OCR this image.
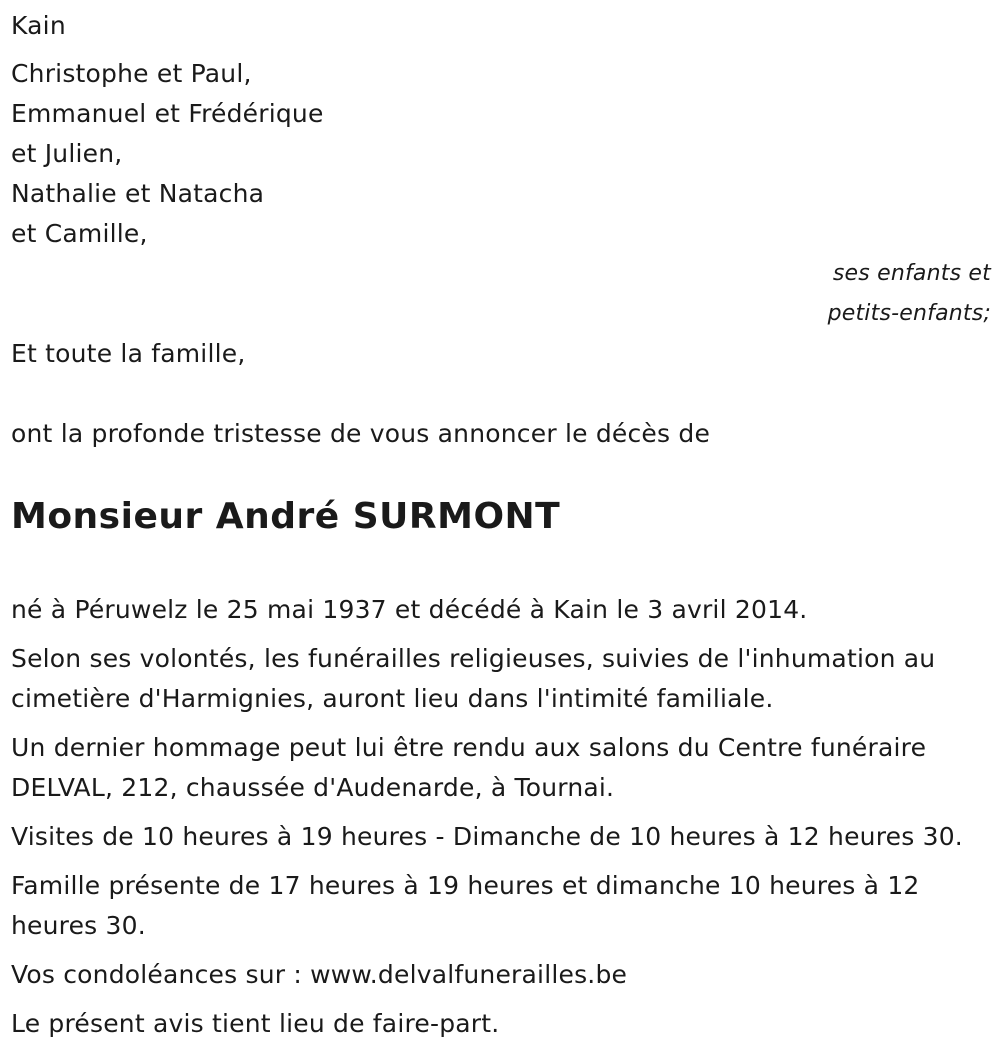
Kain
Christophe et Paul,
Emmanuel et Frédérique
et Julien,
Nathalie et Natacha
et Camille,
ses enfants et
petits-enfants;
Et toute la famille,
ont la profonde tristesse de vous annoncer le décès de
Monsieur André SURMONT
né à Péruwelz le 25 mai 1937 et décédé à Kain le 3 avril 2014.
Selon ses volontés, les funérailles religieuses, suivies de l'inhumation au cimetière d'Harmignies, auront lieu dans l'intimité familiale.
Un dernier hommage peut lui être rendu aux salons du Centre funéraire DELVAL, 212, chaussée d'Audenarde, à Tournai.
Visites de 10 heures à 19 heures - Dimanche de 10 heures à 12 heures 30.
Famille présente de 17 heures à 19 heures et dimanche 10 heures à 12 heures 30.
Vos condoléances sur : www.delvalfunerailles.be
Le présent avis tient lieu de faire-part.
